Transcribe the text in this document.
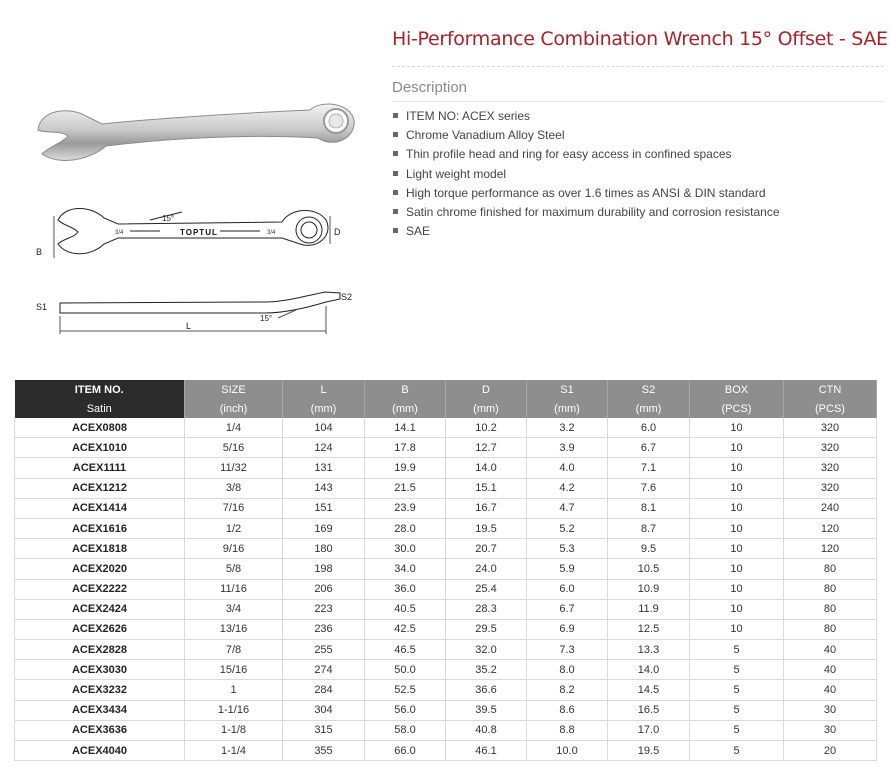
TOPTUL
3/4	3/4
15°
B
D
S1
S2
L
15°
Hi-Performance Combination Wrench 15° Offset - SAE
Description
ITEM NO: ACEX series
Chrome Vanadium Alloy Steel
Thin profile head and ring for easy access in confined spaces
Light weight model
High torque performance as over 1.6 times as ANSI & DIN standard
Satin chrome finished for maximum durability and corrosion resistance
SAE
ITEM NO.	SIZE	L	B	D	S1	S2	BOX	CTN
Satin	(inch)	(mm)	(mm)	(mm)	(mm)	(mm)	(PCS)	(PCS)
ACEX0808	1/4	104	14.1	10.2	3.2	6.0	10	320
ACEX1010	5/16	124	17.8	12.7	3.9	6.7	10	320
ACEX1111	11/32	131	19.9	14.0	4.0	7.1	10	320
ACEX1212	3/8	143	21.5	15.1	4.2	7.6	10	320
ACEX1414	7/16	151	23.9	16.7	4.7	8.1	10	240
ACEX1616	1/2	169	28.0	19.5	5.2	8.7	10	120
ACEX1818	9/16	180	30.0	20.7	5.3	9.5	10	120
ACEX2020	5/8	198	34.0	24.0	5.9	10.5	10	80
ACEX2222	11/16	206	36.0	25.4	6.0	10.9	10	80
ACEX2424	3/4	223	40.5	28.3	6.7	11.9	10	80
ACEX2626	13/16	236	42.5	29.5	6.9	12.5	10	80
ACEX2828	7/8	255	46.5	32.0	7.3	13.3	5	40
ACEX3030	15/16	274	50.0	35.2	8.0	14.0	5	40
ACEX3232	1	284	52.5	36.6	8.2	14.5	5	40
ACEX3434	1-1/16	304	56.0	39.5	8.6	16.5	5	30
ACEX3636	1-1/8	315	58.0	40.8	8.8	17.0	5	30
ACEX4040	1-1/4	355	66.0	46.1	10.0	19.5	5	20
